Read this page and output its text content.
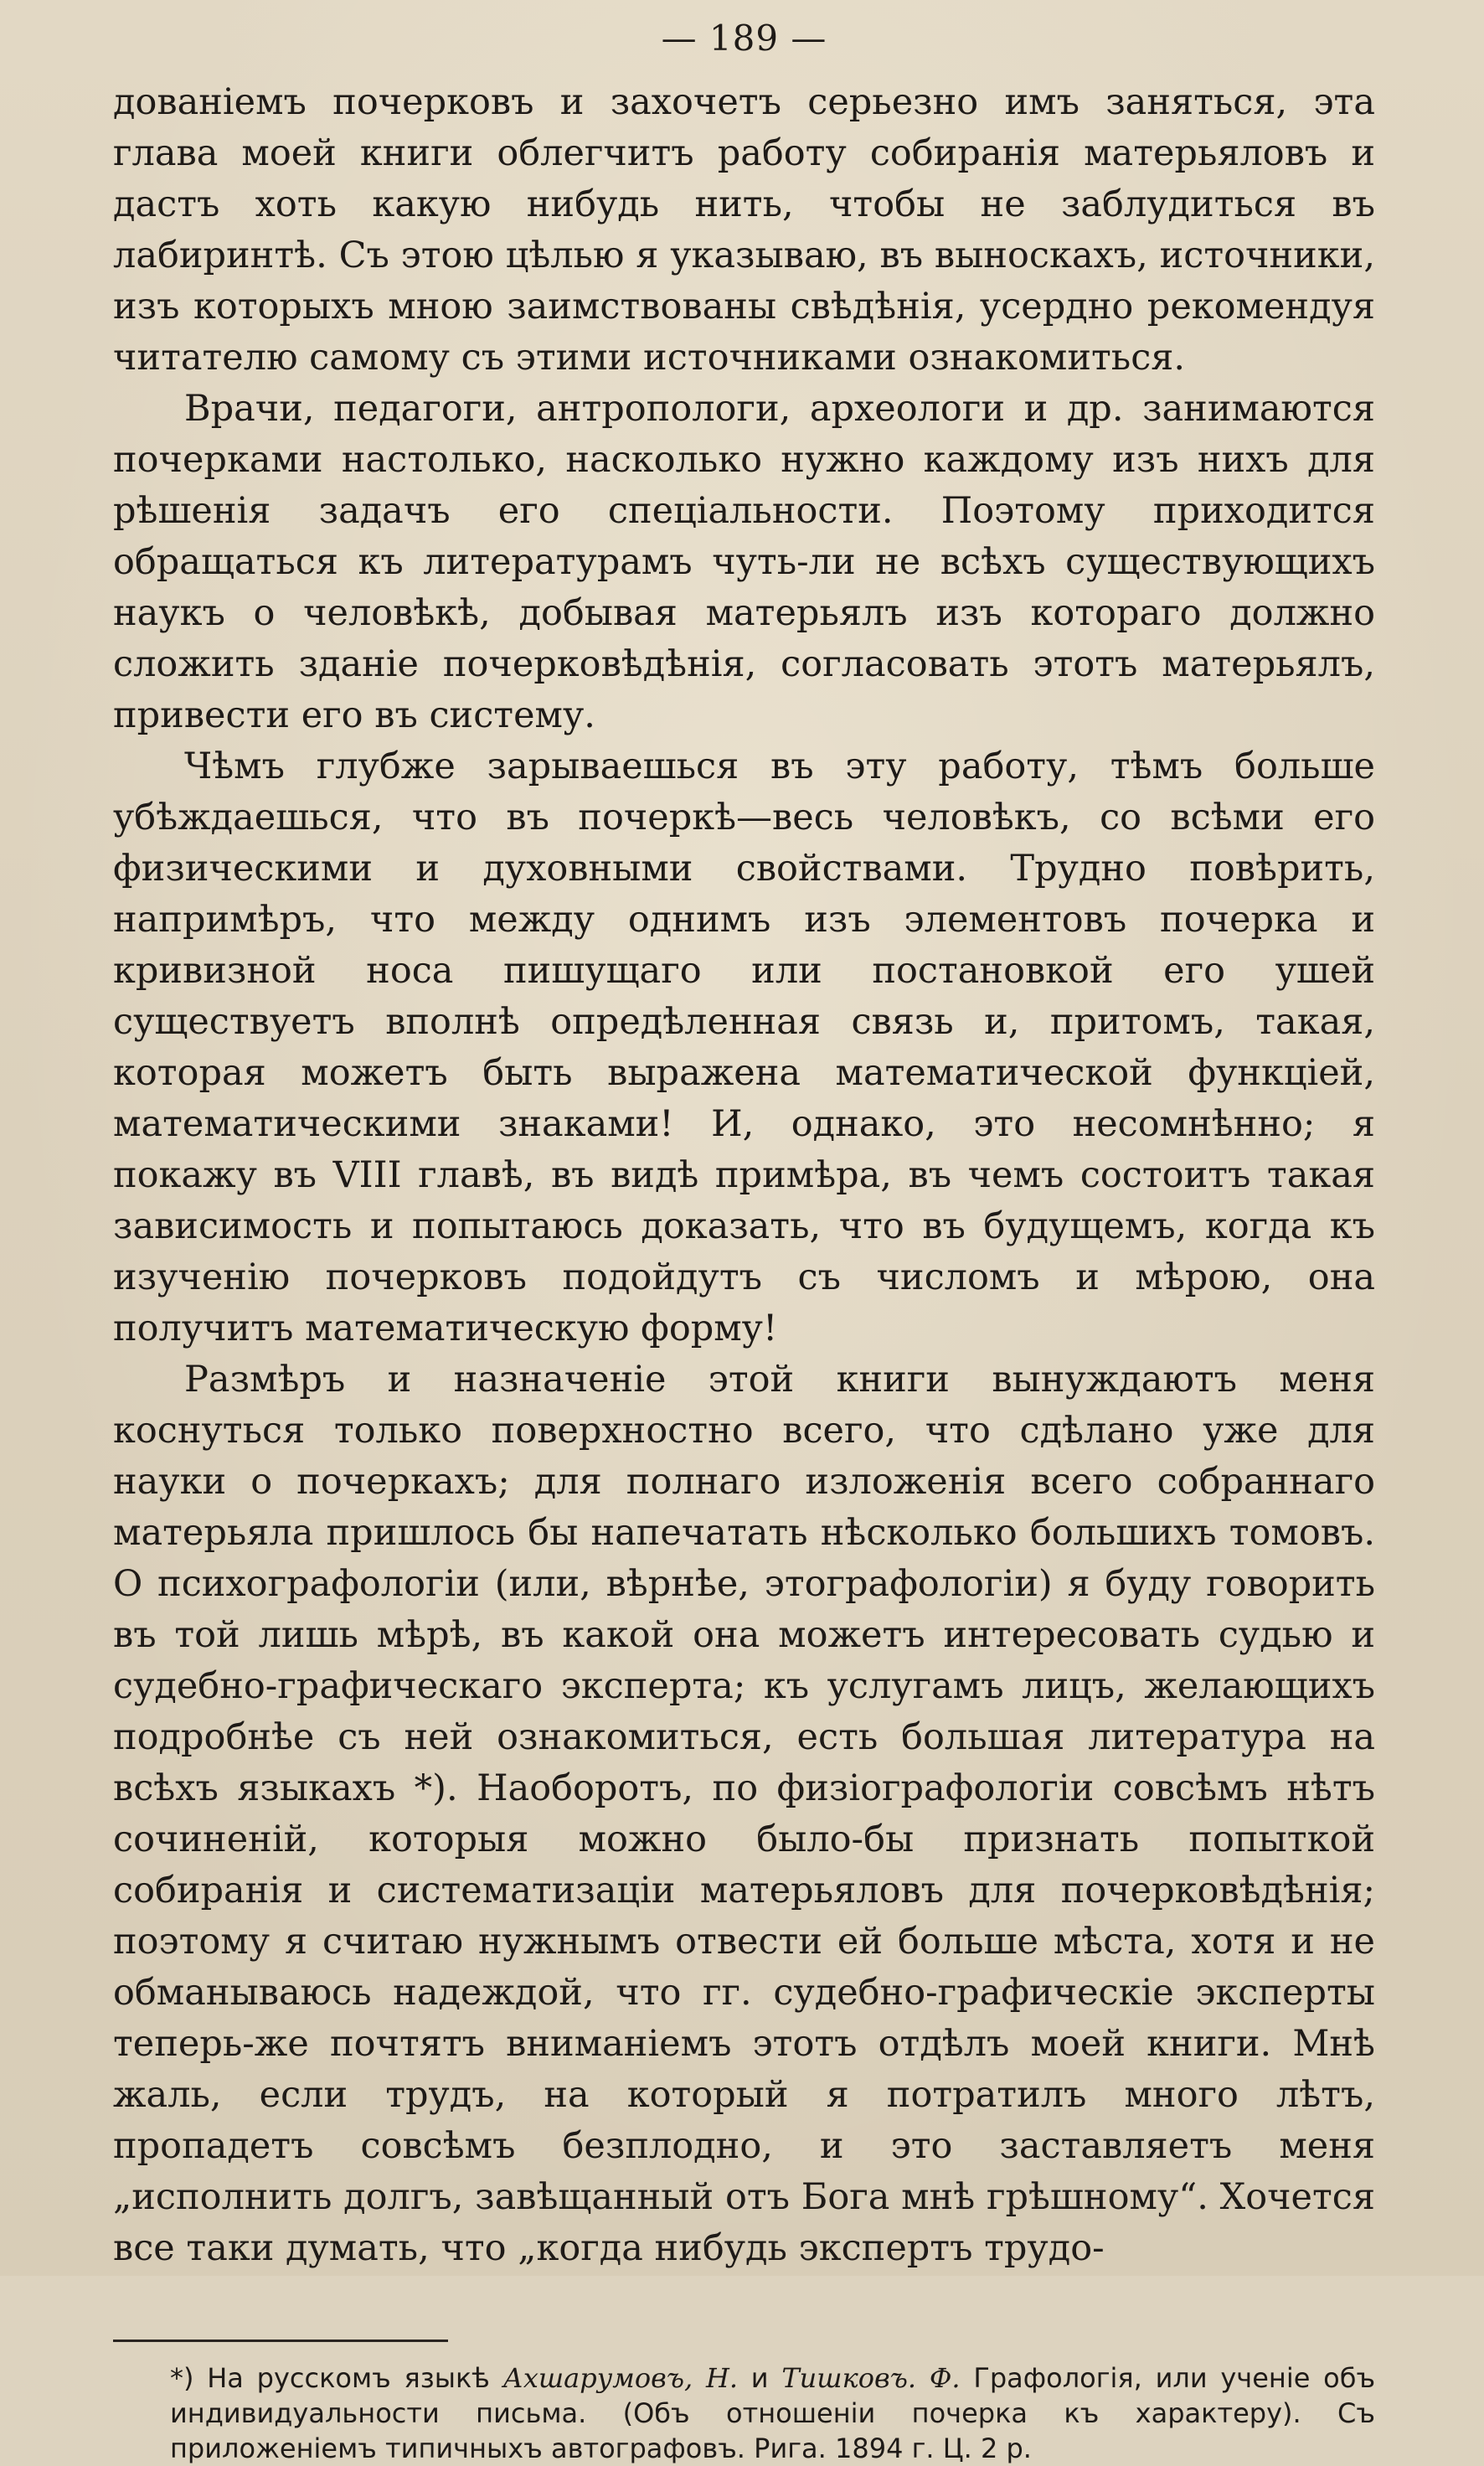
— 189 —

дованіемъ почерковъ и захочетъ серьезно имъ заняться, эта глава моей книги облегчитъ работу собиранія матерьяловъ и дастъ хоть какую нибудь нить, чтобы не заблудиться въ лабиринтѣ. Съ этою цѣлью я указываю, въ выноскахъ, источники, изъ которыхъ мною заимствованы свѣдѣнія, усердно рекомендуя читателю самому съ этими источниками ознакомиться.

Врачи, педагоги, антропологи, археологи и др. занимаются почерками настолько, насколько нужно каждому изъ нихъ для рѣшенія задачъ его спеціальности. Поэтому приходится обращаться къ литературамъ чуть-ли не всѣхъ существующихъ наукъ о человѣкѣ, добывая матерьялъ изъ котораго должно сложить зданіе почерковѣдѣнія, согласовать этотъ матерьялъ, привести его въ систему.

Чѣмъ глубже зарываешься въ эту работу, тѣмъ больше убѣждаешься, что въ почеркѣ—весь человѣкъ, со всѣми его физическими и духовными свойствами. Трудно повѣрить, напримѣръ, что между однимъ изъ элементовъ почерка и кривизной носа пишущаго или постановкой его ушей существуетъ вполнѣ опредѣленная связь и, притомъ, такая, которая можетъ быть выражена математической функціей, математическими знаками! И, однако, это несомнѣнно; я покажу въ VIII главѣ, въ видѣ примѣра, въ чемъ состоитъ такая зависимость и попытаюсь доказать, что въ будущемъ, когда къ изученію почерковъ подойдутъ съ числомъ и мѣрою, она получитъ математическую форму!

Размѣръ и назначеніе этой книги вынуждаютъ меня коснуться только поверхностно всего, что сдѣлано уже для науки о почеркахъ; для полнаго изложенія всего собраннаго матерьяла пришлось бы напечатать нѣсколько большихъ томовъ. О психографологіи (или, вѣрнѣе, этографологіи) я буду говорить въ той лишь мѣрѣ, въ какой она можетъ интересовать судью и судебно-графическаго эксперта; къ услугамъ лицъ, желающихъ подробнѣе съ ней ознакомиться, есть большая литература на всѣхъ языкахъ *). Наоборотъ, по физіографологіи совсѣмъ нѣтъ сочиненій, которыя можно было-бы признать попыткой собиранія и систематизаціи матерьяловъ для почерковѣдѣнія; поэтому я считаю нужнымъ отвести ей больше мѣста, хотя и не обманываюсь надеждой, что гг. судебно-графическіе эксперты теперь-же почтятъ вниманіемъ этотъ отдѣлъ моей книги. Мнѣ жаль, если трудъ, на который я потратилъ много лѣтъ, пропадетъ совсѣмъ безплодно, и это заставляетъ меня „исполнить долгъ, завѣщанный отъ Бога мнѣ грѣшному“. Хочется все таки думать, что „когда нибудь экспертъ трудо-

*) На русскомъ языкѣ Ахшарумовъ, Н. и Тишковъ. Ф. Графологія, или ученіе объ индивидуальности письма. (Объ отношеніи почерка къ характеру). Съ приложеніемъ типичныхъ автографовъ. Рига. 1894 г. Ц. 2 р.
